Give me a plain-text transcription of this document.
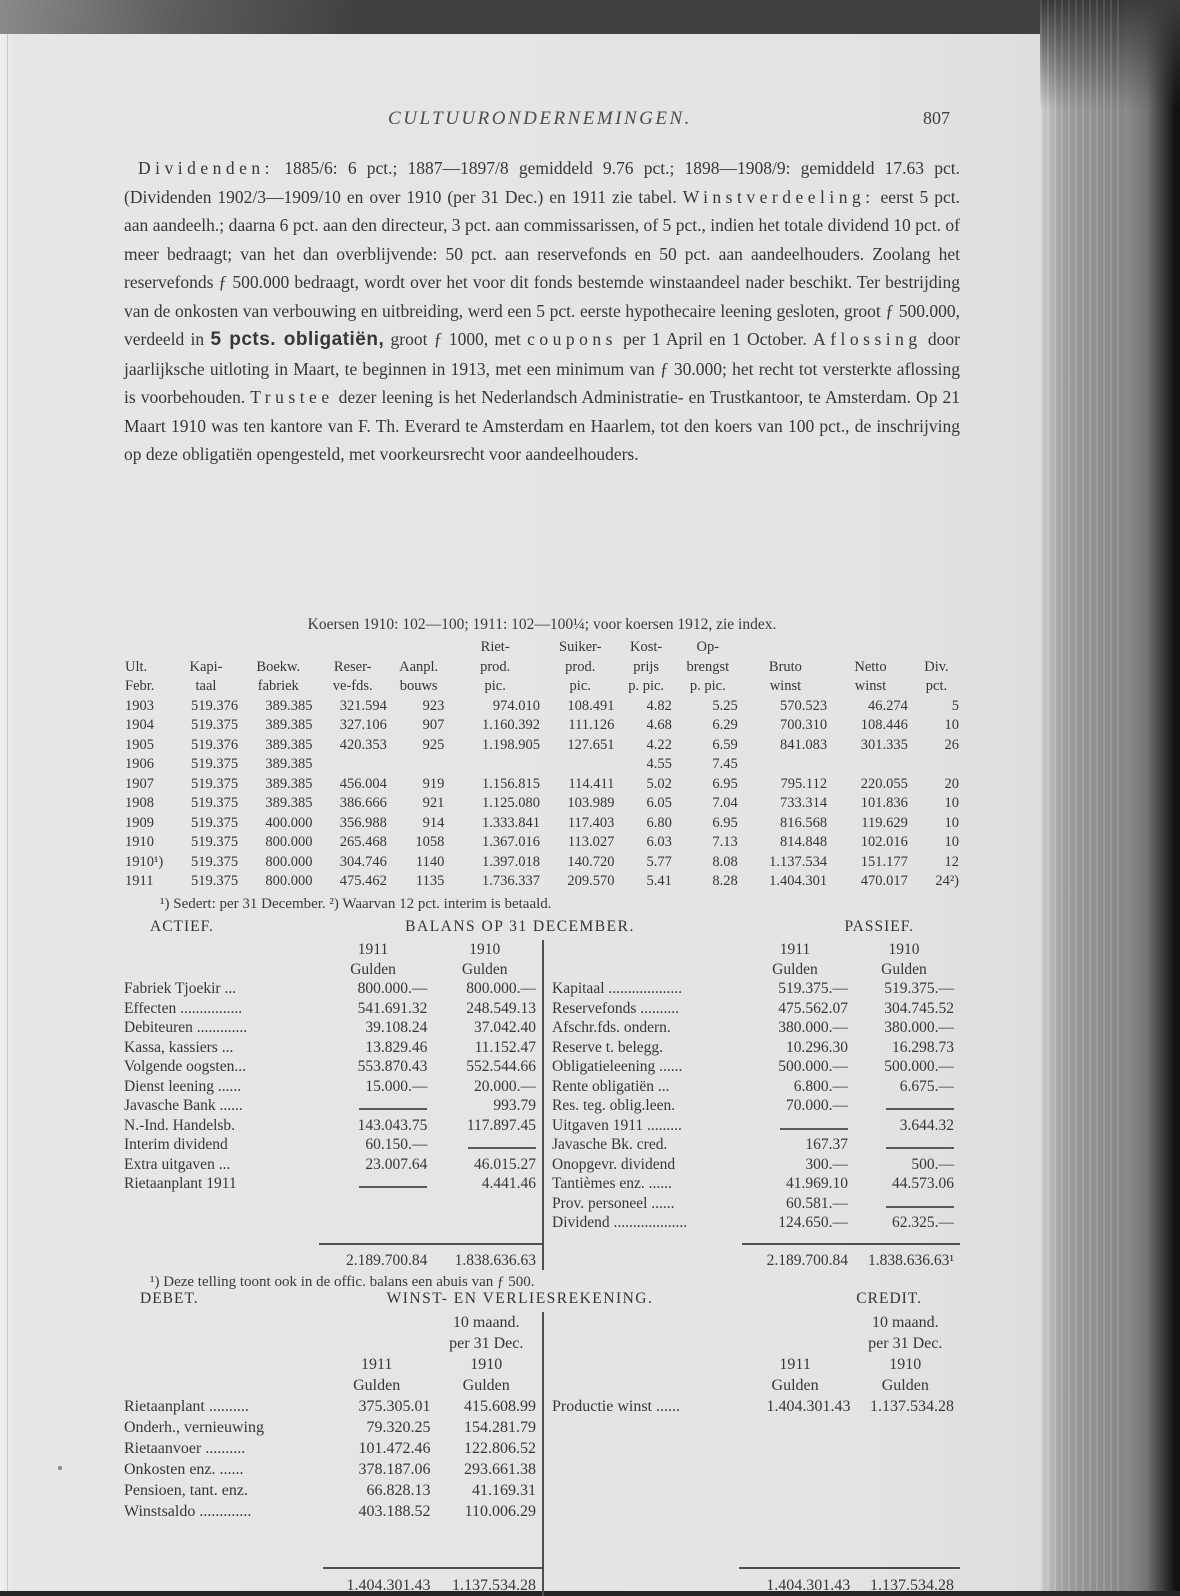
CULTUURONDERNEMINGEN.	807
Dividenden: 1885/6: 6 pct.; 1887—1897/8 gemiddeld 9.76 pct.; 1898—1908/9: gemiddeld 17.63 pct. (Dividenden 1902/3—1909/10 en over 1910 (per 31 Dec.) en 1911 zie tabel. Winstverdeeling: eerst 5 pct. aan aandeelh.; daarna 6 pct. aan den directeur, 3 pct. aan commissarissen, of 5 pct., indien het totale dividend 10 pct. of meer bedraagt; van het dan overblijvende: 50 pct. aan reservefonds en 50 pct. aan aandeelhouders. Zoolang het reservefonds ƒ 500.000 bedraagt, wordt over het voor dit fonds bestemde winstaandeel nader beschikt. Ter bestrijding van de onkosten van verbouwing en uitbreiding, werd een 5 pct. eerste hypothecaire leening gesloten, groot ƒ 500.000, verdeeld in 5 pcts. obligatiën, groot ƒ 1000, met coupons per 1 April en 1 October. Aflossing door jaarlijksche uitloting in Maart, te beginnen in 1913, met een minimum van ƒ 30.000; het recht tot versterkte aflossing is voorbehouden. Trustee dezer leening is het Nederlandsch Administratie- en Trustkantoor, te Amsterdam. Op 21 Maart 1910 was ten kantore van F. Th. Everard te Amsterdam en Haarlem, tot den koers van 100 pct., de inschrijving op deze obligatiën opengesteld, met voorkeursrecht voor aandeelhouders.
Koersen 1910: 102—100; 1911: 102—100¼; voor koersen 1912, zie index.
					Riet-	Suiker-	Kost-	Op-			
Ult.	Kapi-	Boekw.	Reser-	Aanpl.	prod.	prod.	prijs	brengst	Bruto	Netto	Div.
Febr.	taal	fabriek	ve-fds.	bouws	pic.	pic.	p. pic.	p. pic.	winst	winst	pct.
1903	519.376	389.385	321.594	923	974.010	108.491	4.82	5.25	570.523	46.274	5
1904	519.375	389.385	327.106	907	1.160.392	111.126	4.68	6.29	700.310	108.446	10
1905	519.376	389.385	420.353	925	1.198.905	127.651	4.22	6.59	841.083	301.335	26
1906	519.375	389.385					4.55	7.45			
1907	519.375	389.385	456.004	919	1.156.815	114.411	5.02	6.95	795.112	220.055	20
1908	519.375	389.385	386.666	921	1.125.080	103.989	6.05	7.04	733.314	101.836	10
1909	519.375	400.000	356.988	914	1.333.841	117.403	6.80	6.95	816.568	119.629	10
1910	519.375	800.000	265.468	1058	1.367.016	113.027	6.03	7.13	814.848	102.016	10
1910¹)	519.375	800.000	304.746	1140	1.397.018	140.720	5.77	8.08	1.137.534	151.177	12
1911	519.375	800.000	475.462	1135	1.736.337	209.570	5.41	8.28	1.404.301	470.017	24²)
¹) Sedert: per 31 December. ²) Waarvan 12 pct. interim is betaald.
ACTIEF.	BALANS OP 31 DECEMBER.	PASSIEF.
	1911	1910
	Gulden	Gulden
Fabriek Tjoekir ...	800.000.—	800.000.—
Effecten ................	541.691.32	248.549.13
Debiteuren .............	39.108.24	37.042.40
Kassa, kassiers ...	13.829.46	11.152.47
Volgende oogsten...	553.870.43	552.544.66
Dienst leening ......	15.000.—	20.000.—
Javasche Bank ......		993.79
N.-Ind. Handelsb.	143.043.75	117.897.45
Interim dividend	60.150.—	
Extra uitgaven ...	23.007.64	46.015.27
Rietaanplant 1911		4.441.46
	2.189.700.84	1.838.636.63
	1911	1910
	Gulden	Gulden
Kapitaal ...................	519.375.—	519.375.—
Reservefonds ..........	475.562.07	304.745.52
Afschr.fds. ondern.	380.000.—	380.000.—
Reserve t. belegg.	10.296.30	16.298.73
Obligatieleening ......	500.000.—	500.000.—
Rente obligatiën ...	6.800.—	6.675.—
Res. teg. oblig.leen.	70.000.—	
Uitgaven 1911 .........		3.644.32
Javasche Bk. cred.	167.37	
Onopgevr. dividend	300.—	500.—
Tantièmes enz. ......	41.969.10	44.573.06
Prov. personeel ......	60.581.—	
Dividend ...................	124.650.—	62.325.—
	2.189.700.84	1.838.636.63¹
¹) Deze telling toont ook in de offic. balans een abuis van ƒ 500.
DEBET.	WINST- EN VERLIESREKENING.	CREDIT.
		10 maand.
		per 31 Dec.
	1911	1910
	Gulden	Gulden
Rietaanplant ..........	375.305.01	415.608.99
Onderh., vernieuwing	79.320.25	154.281.79
Rietaanvoer ..........	101.472.46	122.806.52
Onkosten enz. ......	378.187.06	293.661.38
Pensioen, tant. enz.	66.828.13	41.169.31
Winstsaldo .............	403.188.52	110.006.29
	1.404.301.43	1.137.534.28
		10 maand.
		per 31 Dec.
	1911	1910
	Gulden	Gulden
Productie winst ......	1.404.301.43	1.137.534.28
	1.404.301.43	1.137.534.28
